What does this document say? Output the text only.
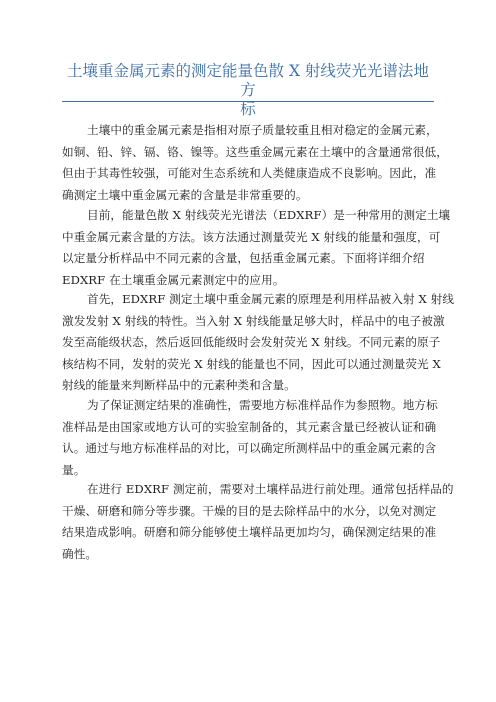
土壤重金属元素的测定能量色散 X 射线荧光光谱法地方
标
土壤中的重金属元素是指相对原子质量较重且相对稳定的金属元素，
如铜、铅、锌、镉、铬、镍等。这些重金属元素在土壤中的含量通常很低，
但由于其毒性较强，可能对生态系统和人类健康造成不良影响。因此，准
确测定土壤中重金属元素的含量是非常重要的。
目前，能量色散 X 射线荧光光谱法（EDXRF）是一种常用的测定土壤
中重金属元素含量的方法。该方法通过测量荧光 X 射线的能量和强度，可
以定量分析样品中不同元素的含量，包括重金属元素。下面将详细介绍
EDXRF 在土壤重金属元素测定中的应用。
首先，EDXRF 测定土壤中重金属元素的原理是利用样品被入射 X 射线
激发发射 X 射线的特性。当入射 X 射线能量足够大时，样品中的电子被激
发至高能级状态，然后返回低能级时会发射荧光 X 射线。不同元素的原子
核结构不同，发射的荧光 X 射线的能量也不同，因此可以通过测量荧光 X
射线的能量来判断样品中的元素种类和含量。
为了保证测定结果的准确性，需要地方标准样品作为参照物。地方标
准样品是由国家或地方认可的实验室制备的，其元素含量已经被认证和确
认。通过与地方标准样品的对比，可以确定所测样品中的重金属元素的含
量。
在进行 EDXRF 测定前，需要对土壤样品进行前处理。通常包括样品的
干燥、研磨和筛分等步骤。干燥的目的是去除样品中的水分，以免对测定
结果造成影响。研磨和筛分能够使土壤样品更加均匀，确保测定结果的准
确性。
